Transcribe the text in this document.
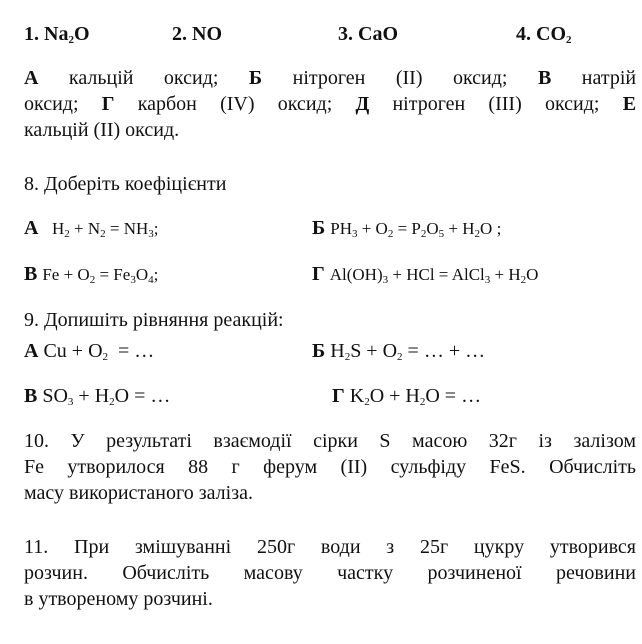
1. $Na_2O$	2. NO	3. CaO	4. $CO_2$
А кальцій оксид; Б нітроген (II) оксид; В натрій
оксид; Г карбон (IV) оксид; Д нітроген (III) оксид; Е
кальцій (II) оксид.
8. Доберіть коефіцієнти
А   $H_2 + N_2 = NH_3$;	Б $PH_3 + O_2 = P_2O_5 + H_2O$ ;
В $Fe + O_2 = Fe_3O_4$;	Г $Al(OH)_3$ + HCl = AlCl$_3$ + $H_2O$
9. Допишіть рівняння реакцій:
А $Cu + O_2$  = …	Б $H_2S + O_2$ = … + …
В $SO_3 + H_2O$ = …	Г $K_2O + H_2O$ = …
10. У результаті взаємодії сірки S масою 32г із залізом
Fe утворилося 88 г ферум (II) сульфіду FeS. Обчисліть
масу використаного заліза.
11. При змішуванні 250г води з 25г цукру утворився
розчин. Обчисліть масову частку розчиненої речовини
в утвореному розчині.
